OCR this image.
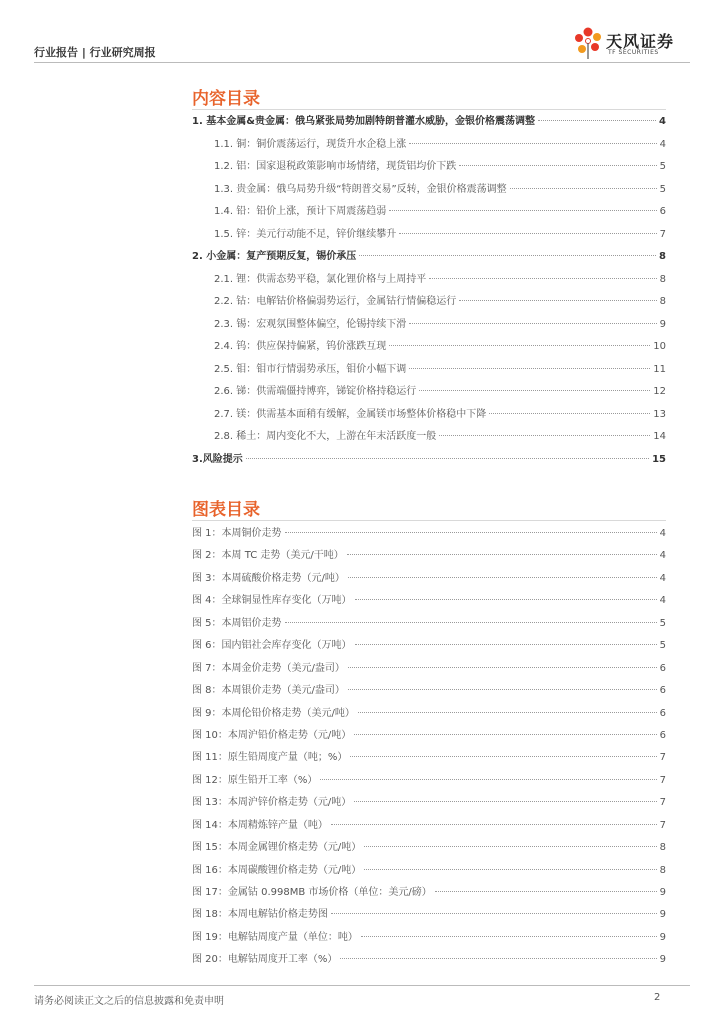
行业报告 | 行业研究周报
天风证券
TF SECURITIES
内容目录
1. 基本金属&贵金属：俄乌紧张局势加剧特朗普灌水威胁，金银价格震荡调整	4
1.1. 铜：铜价震荡运行，现货升水企稳上涨	4
1.2. 铝：国家退税政策影响市场情绪，现货铝均价下跌	5
1.3. 贵金属：俄乌局势升级“特朗普交易”反转，金银价格震荡调整	5
1.4. 铅：铅价上涨，预计下周震荡趋弱	6
1.5. 锌：美元行动能不足，锌价继续攀升	7
2. 小金属：复产预期反复，锡价承压	8
2.1. 锂：供需态势平稳，氯化锂价格与上周持平	8
2.2. 钴：电解钴价格偏弱势运行，金属钴行情偏稳运行	8
2.3. 锡：宏观氛围整体偏空，伦锡持续下滑	9
2.4. 钨：供应保持偏紧，钨价涨跌互现	10
2.5. 钼：钼市行情弱势承压，钼价小幅下调	11
2.6. 锑：供需端僵持博弈，锑锭价格持稳运行	12
2.7. 镁：供需基本面稍有缓解，金属镁市场整体价格稳中下降	13
2.8. 稀土：周内变化不大，上游在年末活跃度一般	14
3.风险提示	15
图表目录
图 1：本周铜价走势	4
图 2：本周 TC 走势（美元/干吨）	4
图 3：本周硫酸价格走势（元/吨）	4
图 4：全球铜显性库存变化（万吨）	4
图 5：本周铝价走势	5
图 6：国内铝社会库存变化（万吨）	5
图 7：本周金价走势（美元/盎司）	6
图 8：本周银价走势（美元/盎司）	6
图 9：本周伦铅价格走势（美元/吨）	6
图 10：本周沪铅价格走势（元/吨）	6
图 11：原生铅周度产量（吨；%）	7
图 12：原生铅开工率（%）	7
图 13：本周沪锌价格走势（元/吨）	7
图 14：本周精炼锌产量（吨）	7
图 15：本周金属锂价格走势（元/吨）	8
图 16：本周碳酸锂价格走势（元/吨）	8
图 17：金属钴 0.998MB 市场价格（单位：美元/磅）	9
图 18：本周电解钴价格走势图	9
图 19：电解钴周度产量（单位：吨）	9
图 20：电解钴周度开工率（%）	9
请务必阅读正文之后的信息披露和免责申明	2
